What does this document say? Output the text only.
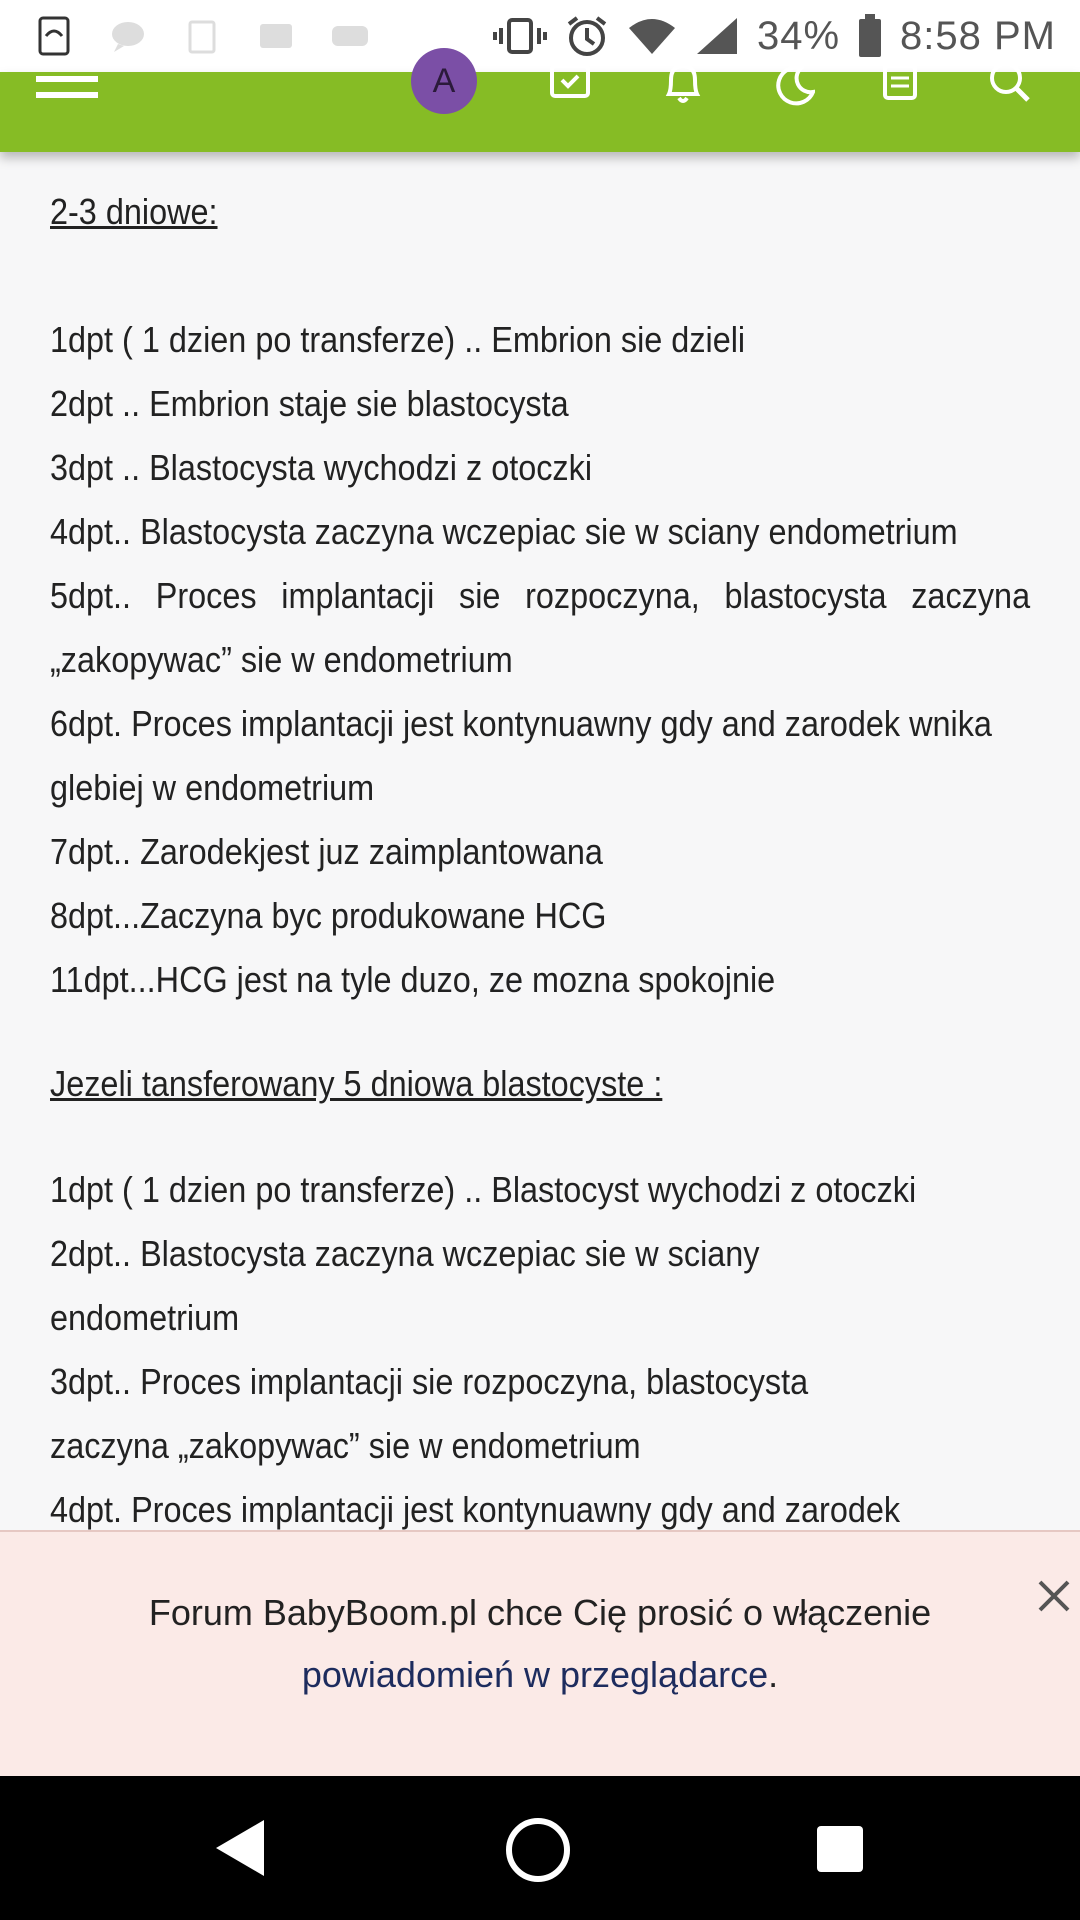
34% 8:58 PM
A
2-3 dniowe:
1dpt ( 1 dzien po transferze) .. Embrion sie dzieli
2dpt .. Embrion staje sie blastocysta
3dpt .. Blastocysta wychodzi z otoczki
4dpt.. Blastocysta zaczyna wczepiac sie w sciany endometrium
5dpt.. Proces implantacji sie rozpoczyna, blastocysta zaczyna
„zakopywac” sie w endometrium
6dpt. Proces implantacji jest kontynuawny gdy and zarodek wnika
glebiej w endometrium
7dpt.. Zarodekjest juz zaimplantowana
8dpt...Zaczyna byc produkowane HCG
11dpt...HCG jest na tyle duzo, ze mozna spokojnie
Jezeli tansferowany 5 dniowa blastocyste :
1dpt ( 1 dzien po transferze) .. Blastocyst wychodzi z otoczki
2dpt.. Blastocysta zaczyna wczepiac sie w sciany
endometrium
3dpt.. Proces implantacji sie rozpoczyna, blastocysta
zaczyna „zakopywac” sie w endometrium
4dpt. Proces implantacji jest kontynuawny gdy and zarodek
Forum BabyBoom.pl chce Cię prosić o włączenie
powiadomień w przeglądarce.
